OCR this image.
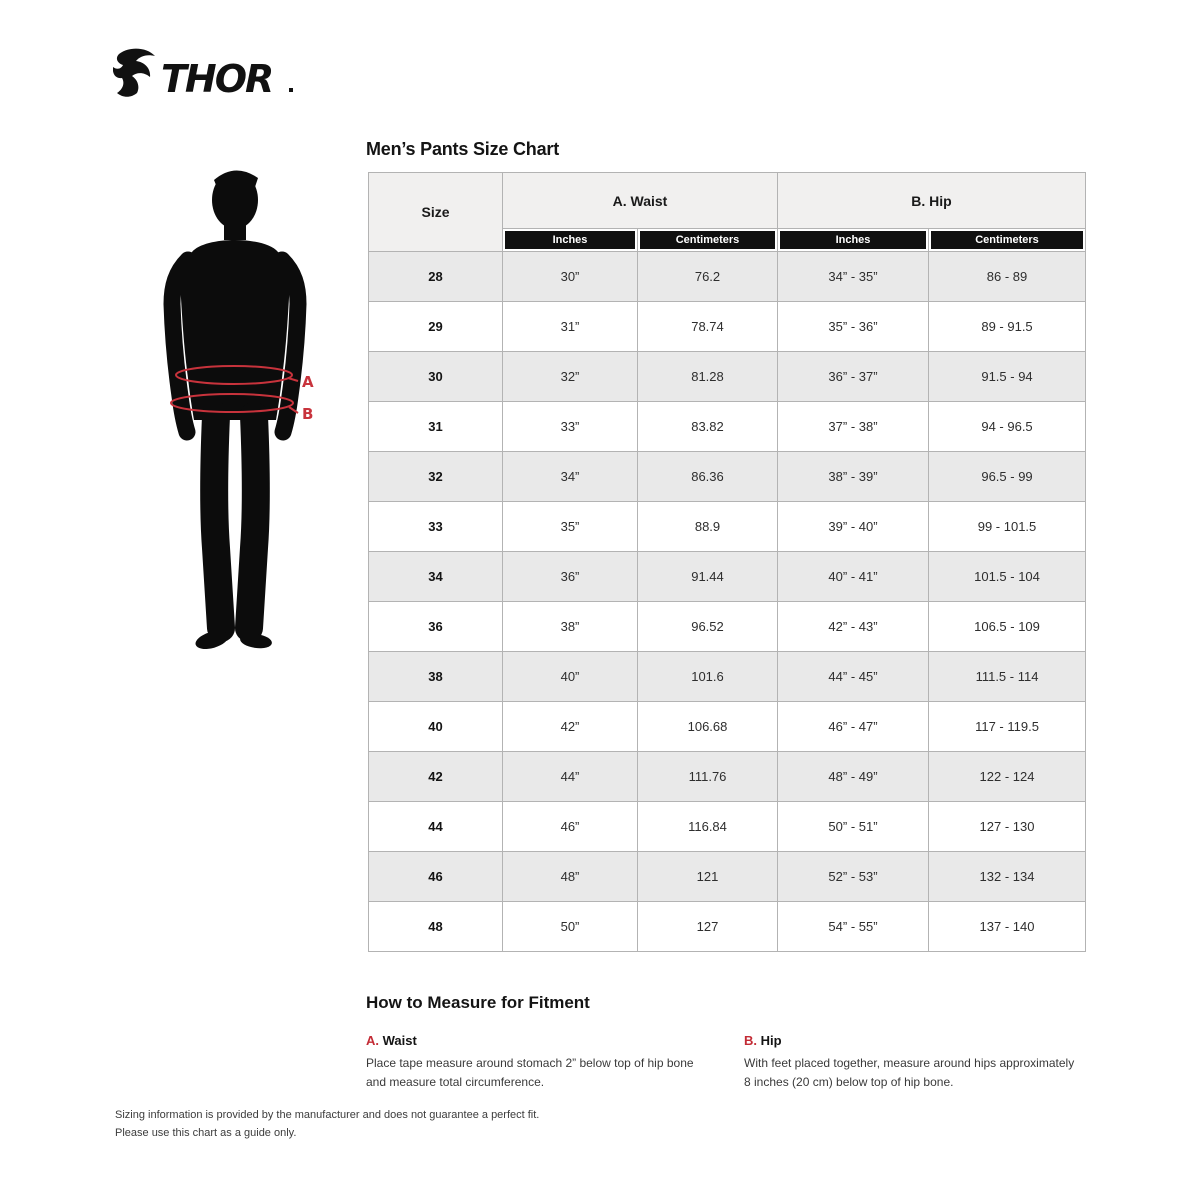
THOR
Men’s Pants Size Chart
A
B
Size	A. Waist		B. Hip	

	Inches	Centimeters	Inches	Centimeters

28	30”	76.2	34” - 35”	86 - 89
29	31”	78.74	35” - 36”	89 - 91.5
30	32”	81.28	36” - 37”	91.5 - 94
31	33”	83.82	37” - 38”	94 - 96.5
32	34”	86.36	38” - 39”	96.5 - 99
33	35”	88.9	39” - 40”	99 - 101.5
34	36”	91.44	40” - 41”	101.5 - 104
36	38”	96.52	42” - 43”	106.5 - 109
38	40”	101.6	44” - 45”	111.5 - 114
40	42”	106.68	46” - 47”	117 - 119.5
42	44”	111.76	48” - 49”	122 - 124
44	46”	116.84	50” - 51”	127 - 130
46	48”	121	52” - 53”	132 - 134
48	50”	127	54” - 55”	137 - 140
How to Measure for Fitment
A. Waist
Place tape measure around stomach 2” below top of hip bone and measure total circumference.
B. Hip
With feet placed together, measure around hips approximately 8 inches (20 cm) below top of hip bone.
Sizing information is provided by the manufacturer and does not guarantee a perfect fit.
Please use this chart as a guide only.
